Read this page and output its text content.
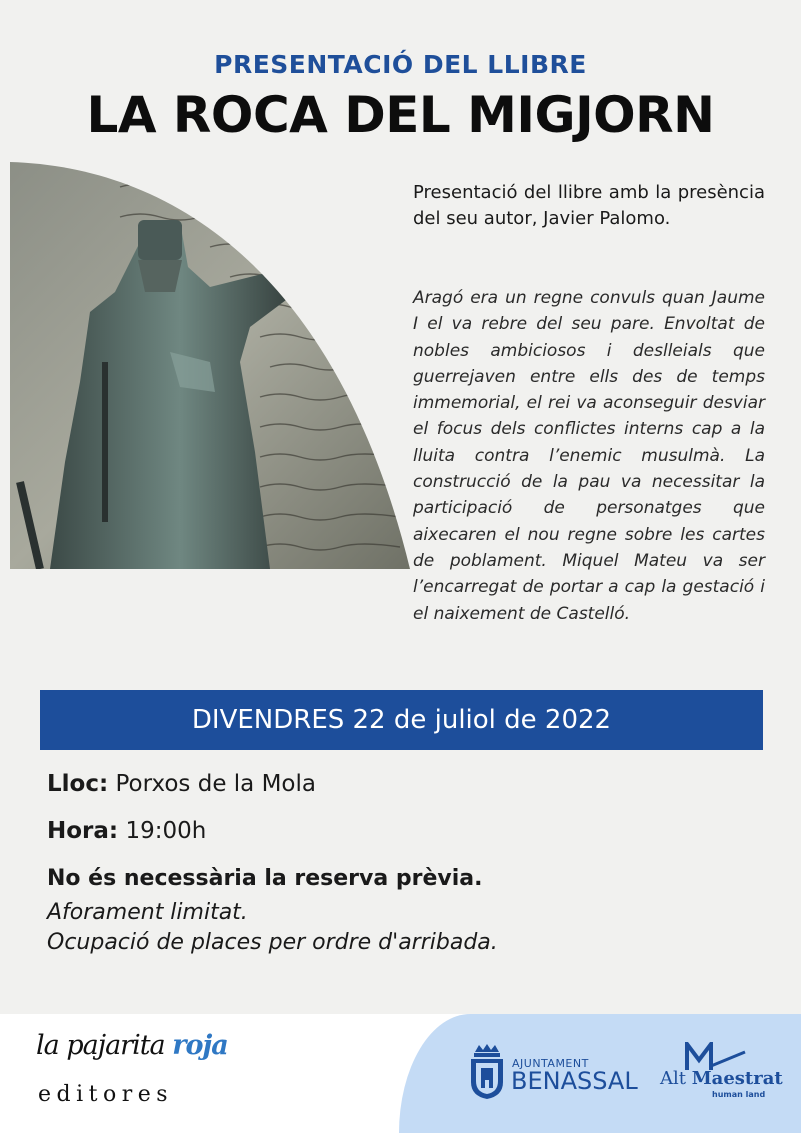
PRESENTACIÓ DEL LLIBRE
LA ROCA DEL MIGJORN
Presentació del llibre amb la presència del seu autor, Javier Palomo.
Aragó era un regne convuls quan Jaume I el va rebre del seu pare. Envoltat de nobles ambiciosos i deslleials que guerrejaven entre ells des de temps immemorial, el rei va aconseguir desviar el focus dels conflictes interns cap a la lluita contra l’enemic musulmà. La construcció de la pau va necessitar la participació de personatges que aixecaren el nou regne sobre les cartes de poblament. Miquel Mateu va ser l’encarregat de portar a cap la gestació i el naixement de Castelló.
DIVENDRES 22 de juliol de 2022
Lloc: Porxos de la Mola
Hora: 19:00h
No és necessària la reserva prèvia.
Aforament limitat.
Ocupació de places per ordre d'arribada.
la pajarita roja
editores
AJUNTAMENT
BENASSAL Alt Maestrat
human land
